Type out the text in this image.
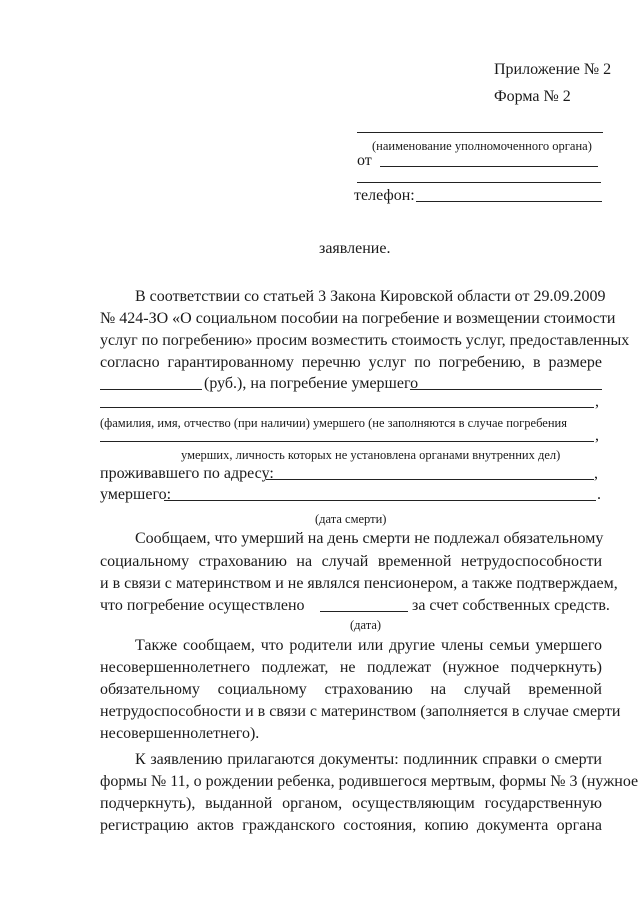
Приложение № 2
Форма № 2
(наименование уполномоченного органа)
от
телефон:
заявление.
В соответствии со статьей 3 Закона Кировской области от 29.09.2009
№ 424-ЗО «О социальном пособии на погребение и возмещении стоимости
услуг по погребению» просим возместить стоимость услуг, предоставленных
согласно гарантированному перечню услуг по погребению, в размере
(руб.), на погребение умершего
,
(фамилия, имя, отчество (при наличии) умершего (не заполняются в случае погребения
,
умерших, личность которых не установлена органами внутренних дел)
проживавшего по адресу:	,
умершего:	.
(дата смерти)
Сообщаем, что умерший на день смерти не подлежал обязательному
социальному страхованию на случай временной нетрудоспособности
и в связи с материнством и не являлся пенсионером, а также подтверждаем,
что погребение осуществлено	за счет собственных средств.
(дата)
Также сообщаем, что родители или другие члены семьи умершего
несовершеннолетнего подлежат, не подлежат (нужное подчеркнуть)
обязательному социальному страхованию на случай временной
нетрудоспособности и в связи с материнством (заполняется в случае смерти
несовершеннолетнего).
К заявлению прилагаются документы: подлинник справки о смерти
формы № 11, о рождении ребенка, родившегося мертвым, формы № 3 (нужное
подчеркнуть), выданной органом, осуществляющим государственную
регистрацию актов гражданского состояния, копию документа органа
